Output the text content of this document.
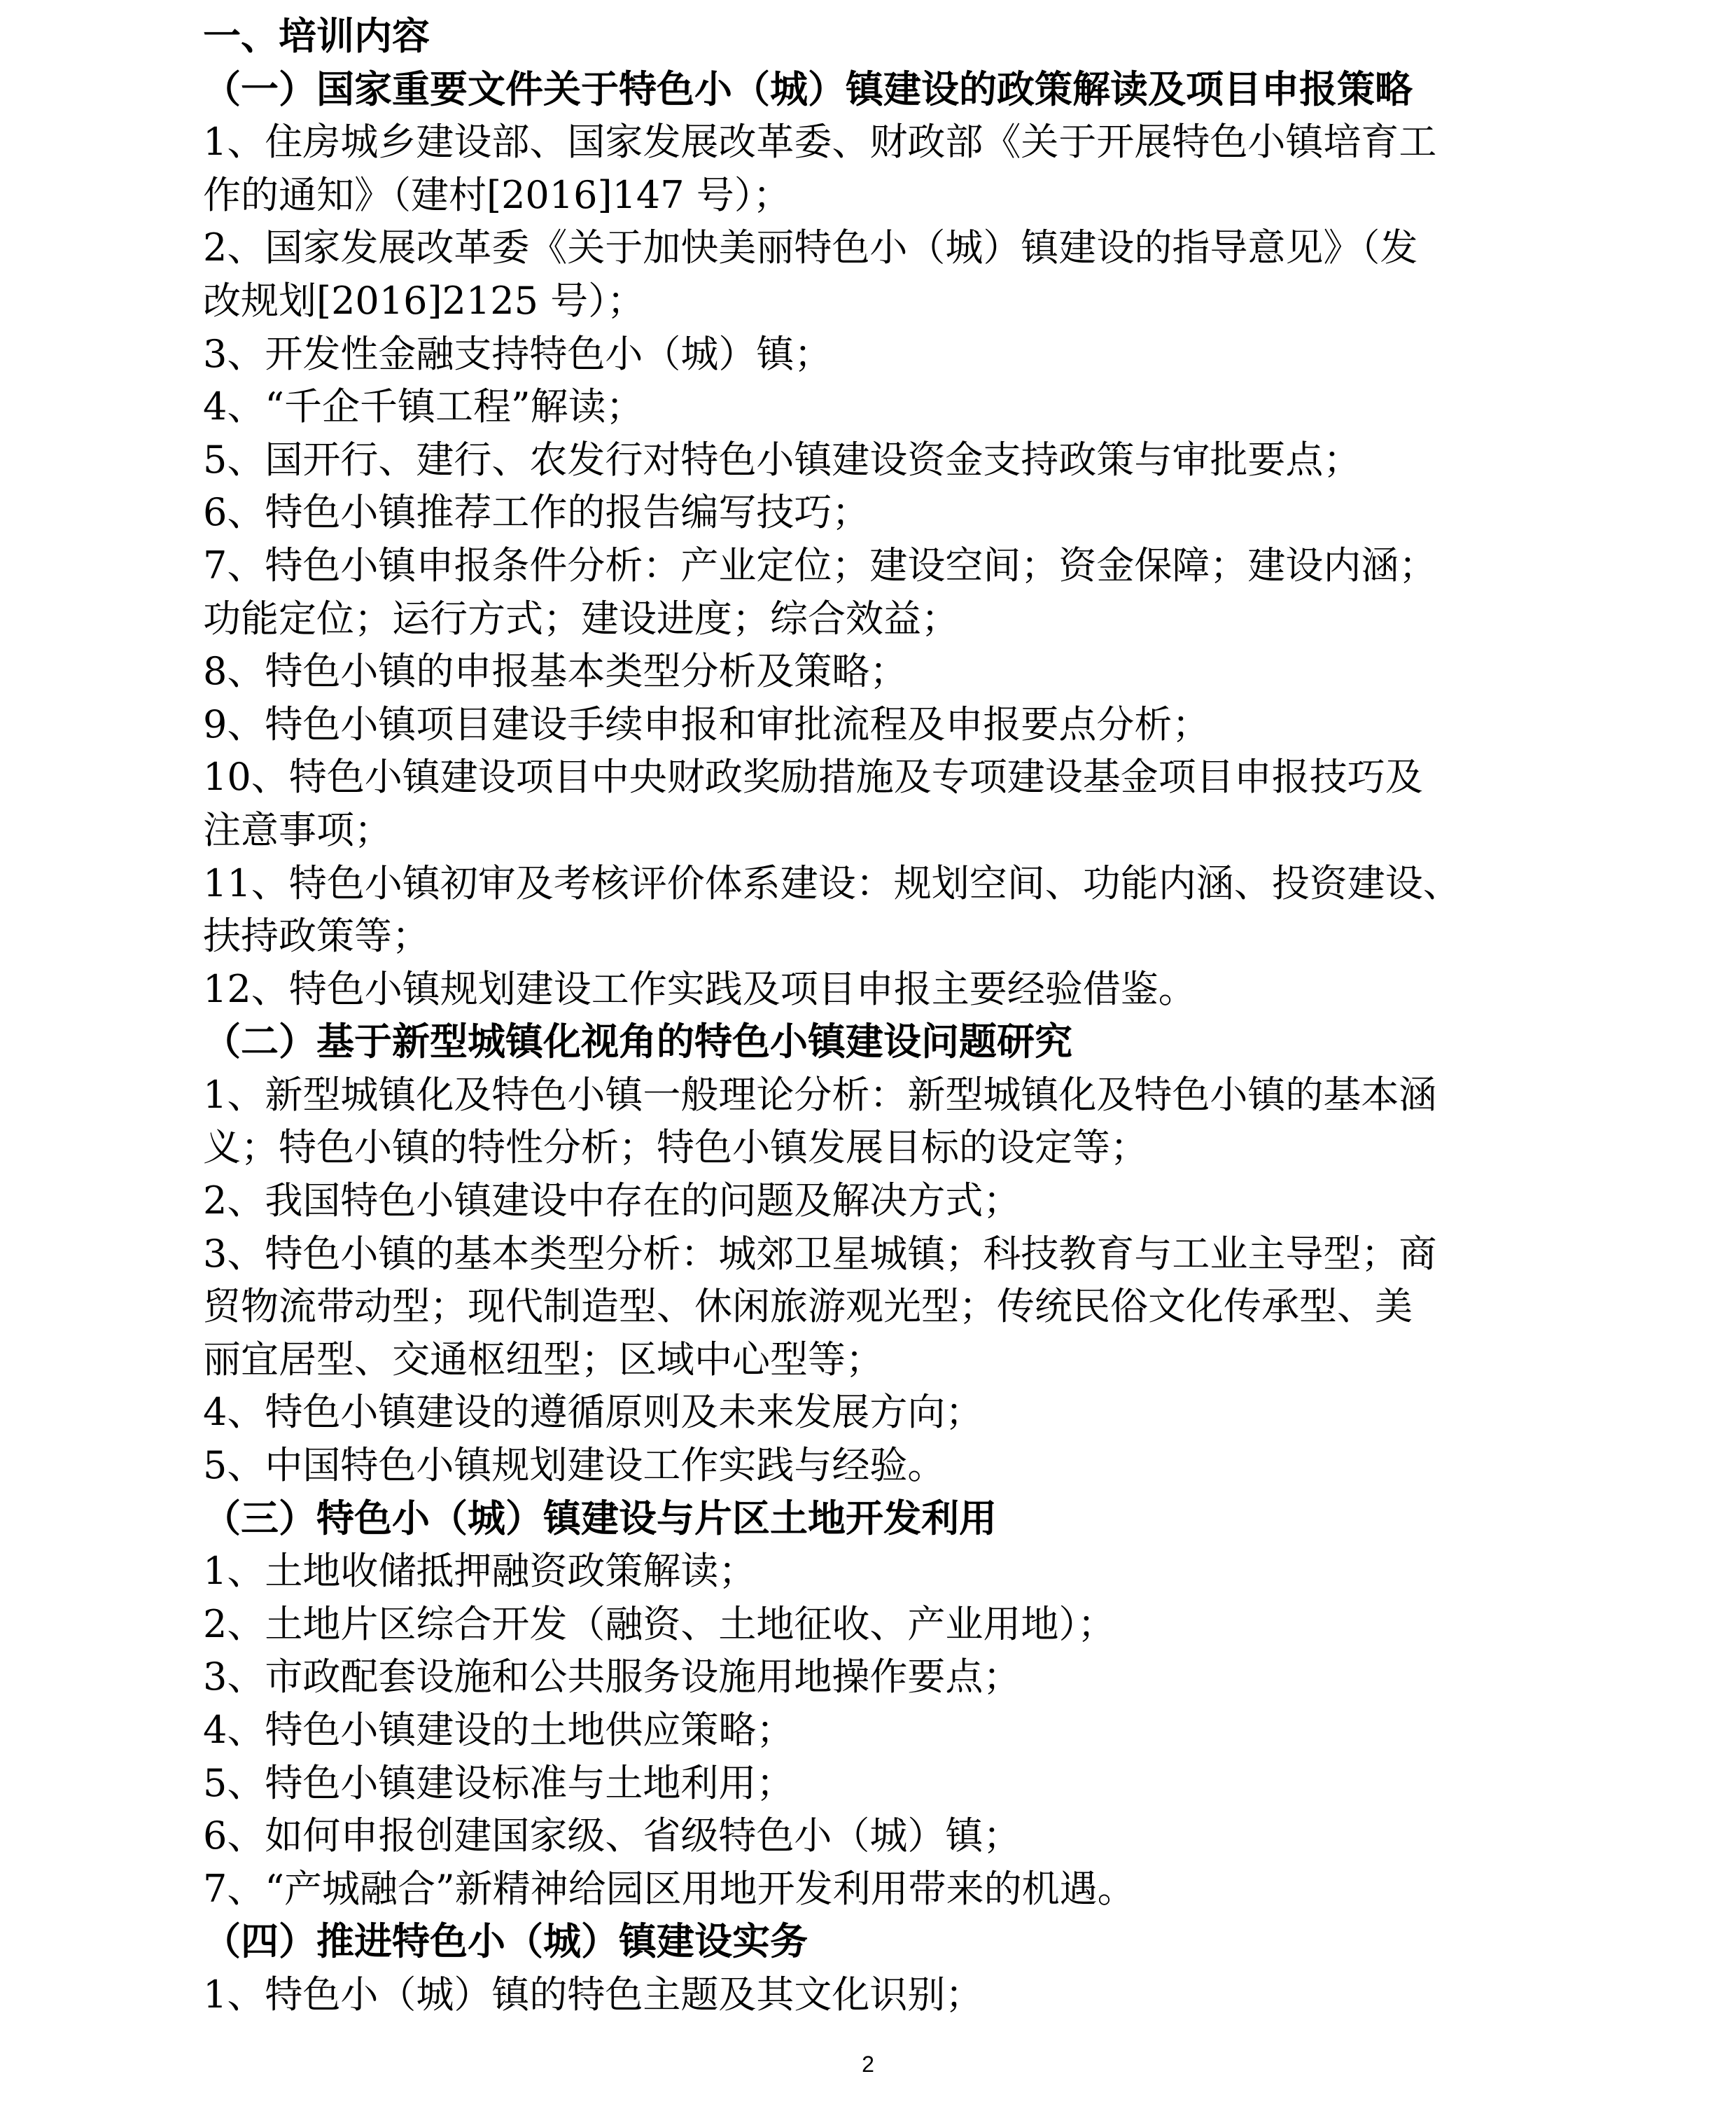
一、培训内容
（一）国家重要文件关于特色小（城）镇建设的政策解读及项目申报策略
1、住房城乡建设部、国家发展改革委、财政部《关于开展特色小镇培育工
作的通知》（建村[2016]147 号）；
2、国家发展改革委《关于加快美丽特色小（城）镇建设的指导意见》（发
改规划[2016]2125 号）；
3、开发性金融支持特色小（城）镇；
4、“千企千镇工程”解读；
5、国开行、建行、农发行对特色小镇建设资金支持政策与审批要点；
6、特色小镇推荐工作的报告编写技巧；
7、特色小镇申报条件分析：产业定位；建设空间；资金保障；建设内涵；
功能定位；运行方式；建设进度；综合效益；
8、特色小镇的申报基本类型分析及策略；
9、特色小镇项目建设手续申报和审批流程及申报要点分析；
10、特色小镇建设项目中央财政奖励措施及专项建设基金项目申报技巧及
注意事项；
11、特色小镇初审及考核评价体系建设：规划空间、功能内涵、投资建设、
扶持政策等；
12、特色小镇规划建设工作实践及项目申报主要经验借鉴。
（二）基于新型城镇化视角的特色小镇建设问题研究
1、新型城镇化及特色小镇一般理论分析：新型城镇化及特色小镇的基本涵
义；特色小镇的特性分析；特色小镇发展目标的设定等；
2、我国特色小镇建设中存在的问题及解决方式；
3、特色小镇的基本类型分析：城郊卫星城镇；科技教育与工业主导型；商
贸物流带动型；现代制造型、休闲旅游观光型；传统民俗文化传承型、美
丽宜居型、交通枢纽型；区域中心型等；
4、特色小镇建设的遵循原则及未来发展方向；
5、中国特色小镇规划建设工作实践与经验。
（三）特色小（城）镇建设与片区土地开发利用
1、土地收储抵押融资政策解读；
2、土地片区综合开发（融资、土地征收、产业用地）；
3、市政配套设施和公共服务设施用地操作要点；
4、特色小镇建设的土地供应策略；
5、特色小镇建设标准与土地利用；
6、如何申报创建国家级、省级特色小（城）镇；
7、“产城融合”新精神给园区用地开发利用带来的机遇。
（四）推进特色小（城）镇建设实务
1、特色小（城）镇的特色主题及其文化识别；
2
